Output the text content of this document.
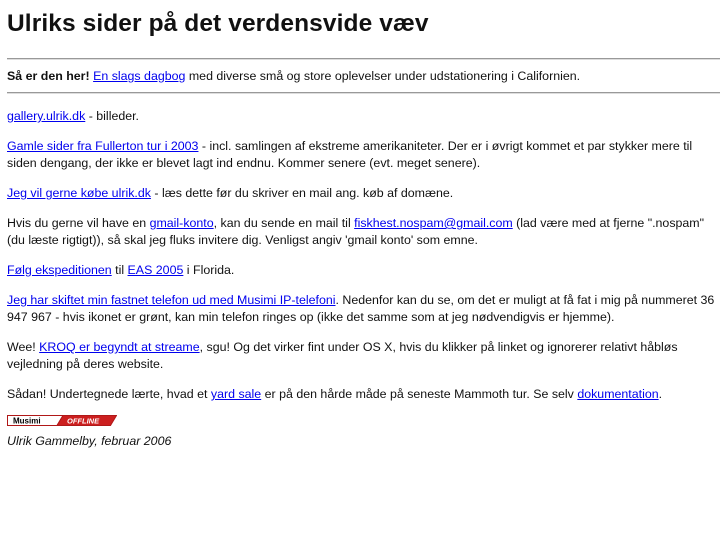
Ulriks sider på det verdensvide væv

Så er den her! En slags dagbog med diverse små og store oplevelser under udstationering i Californien.

gallery.ulrik.dk - billeder.

Gamle sider fra Fullerton tur i 2003 - incl. samlingen af ekstreme amerikaniteter. Der er i øvrigt kommet et par stykker mere til siden dengang, der ikke er blevet lagt ind endnu. Kommer senere (evt. meget senere).

Jeg vil gerne købe ulrik.dk - læs dette før du skriver en mail ang. køb af domæne.

Hvis du gerne vil have en gmail-konto, kan du sende en mail til fiskhest.nospam@gmail.com (lad være med at fjerne ".nospam" (du læste rigtigt)), så skal jeg fluks invitere dig. Venligst angiv 'gmail konto' som emne.

Følg ekspeditionen til EAS 2005 i Florida.

Jeg har skiftet min fastnet telefon ud med Musimi IP-telefoni. Nedenfor kan du se, om det er muligt at få fat i mig på nummeret 36 947 967 - hvis ikonet er grønt, kan min telefon ringes op (ikke det samme som at jeg nødvendigvis er hjemme).

Wee! KROQ er begyndt at streame, sgu! Og det virker fint under OS X, hvis du klikker på linket og ignorerer relativt håbløs vejledning på deres website.

Sådan! Undertegnede lærte, hvad et yard sale er på den hårde måde på seneste Mammoth tur. Se selv dokumentation.

Musimi	OFFLINE

Ulrik Gammelby, februar 2006
